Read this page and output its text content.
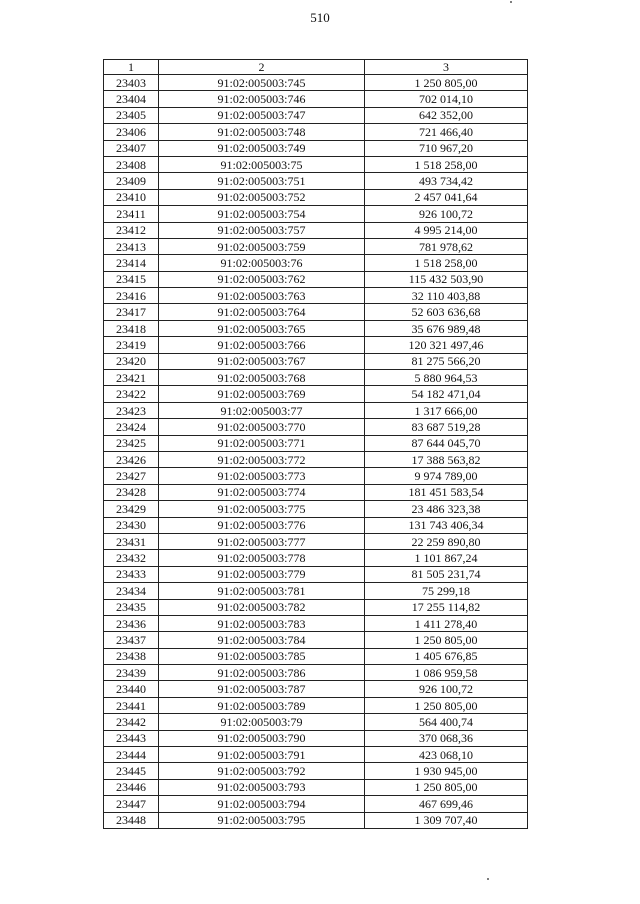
510
1	2	3
23403	91:02:005003:745	1 250 805,00
23404	91:02:005003:746	702 014,10
23405	91:02:005003:747	642 352,00
23406	91:02:005003:748	721 466,40
23407	91:02:005003:749	710 967,20
23408	91:02:005003:75	1 518 258,00
23409	91:02:005003:751	493 734,42
23410	91:02:005003:752	2 457 041,64
23411	91:02:005003:754	926 100,72
23412	91:02:005003:757	4 995 214,00
23413	91:02:005003:759	781 978,62
23414	91:02:005003:76	1 518 258,00
23415	91:02:005003:762	115 432 503,90
23416	91:02:005003:763	32 110 403,88
23417	91:02:005003:764	52 603 636,68
23418	91:02:005003:765	35 676 989,48
23419	91:02:005003:766	120 321 497,46
23420	91:02:005003:767	81 275 566,20
23421	91:02:005003:768	5 880 964,53
23422	91:02:005003:769	54 182 471,04
23423	91:02:005003:77	1 317 666,00
23424	91:02:005003:770	83 687 519,28
23425	91:02:005003:771	87 644 045,70
23426	91:02:005003:772	17 388 563,82
23427	91:02:005003:773	9 974 789,00
23428	91:02:005003:774	181 451 583,54
23429	91:02:005003:775	23 486 323,38
23430	91:02:005003:776	131 743 406,34
23431	91:02:005003:777	22 259 890,80
23432	91:02:005003:778	1 101 867,24
23433	91:02:005003:779	81 505 231,74
23434	91:02:005003:781	75 299,18
23435	91:02:005003:782	17 255 114,82
23436	91:02:005003:783	1 411 278,40
23437	91:02:005003:784	1 250 805,00
23438	91:02:005003:785	1 405 676,85
23439	91:02:005003:786	1 086 959,58
23440	91:02:005003:787	926 100,72
23441	91:02:005003:789	1 250 805,00
23442	91:02:005003:79	564 400,74
23443	91:02:005003:790	370 068,36
23444	91:02:005003:791	423 068,10
23445	91:02:005003:792	1 930 945,00
23446	91:02:005003:793	1 250 805,00
23447	91:02:005003:794	467 699,46
23448	91:02:005003:795	1 309 707,40
